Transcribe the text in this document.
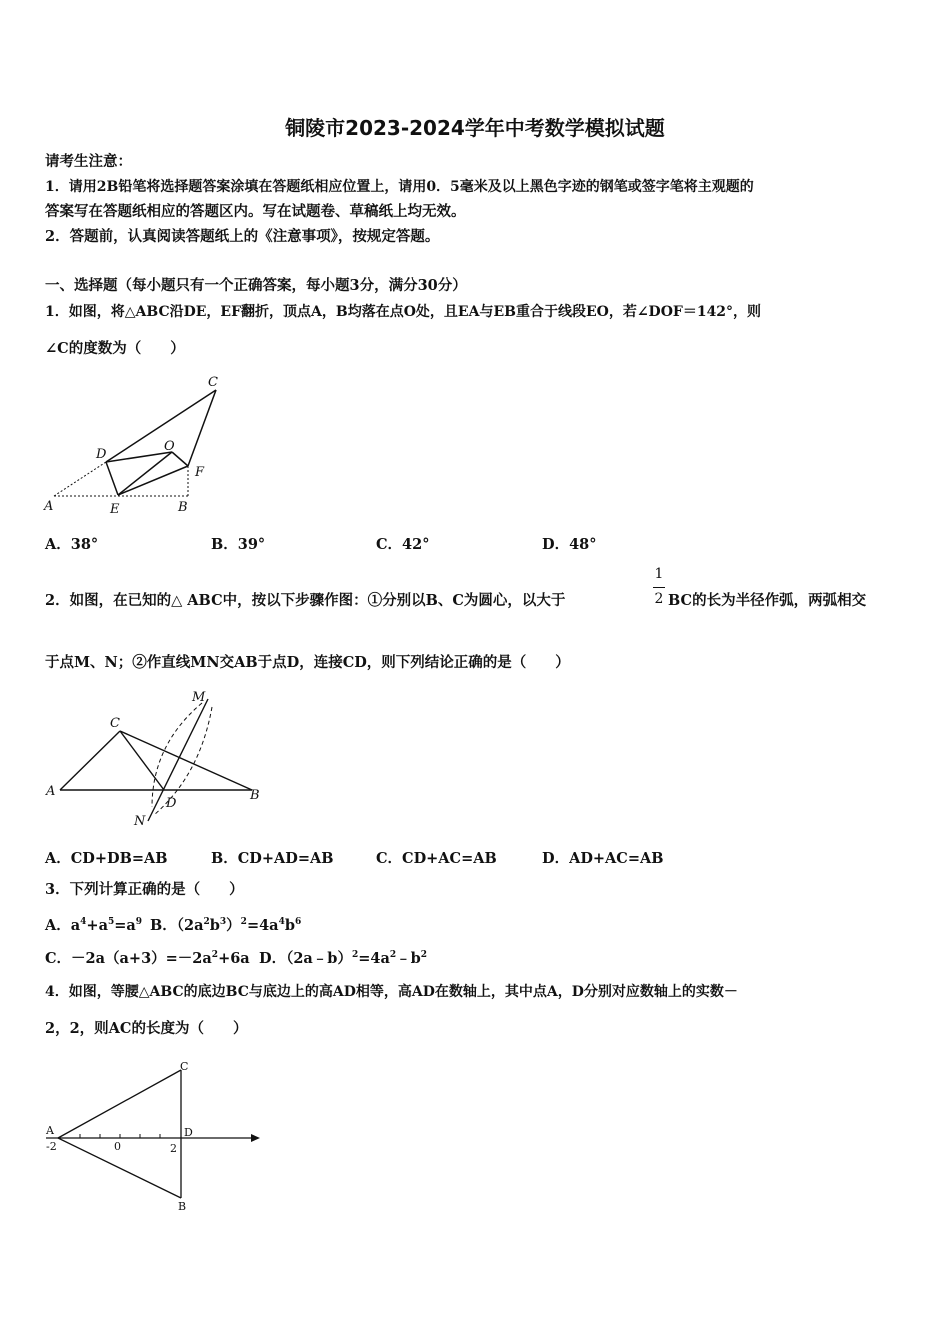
铜陵市2023-2024学年中考数学模拟试题
请考生注意：
1．请用2B铅笔将选择题答案涂填在答题纸相应位置上，请用0．5毫米及以上黑色字迹的钢笔或签字笔将主观题的
答案写在答题纸相应的答题区内。写在试题卷、草稿纸上均无效。
2．答题前，认真阅读答题纸上的《注意事项》，按规定答题。
一、选择题（每小题只有一个正确答案，每小题3分，满分30分）
1．如图，将△ABC沿DE，EF翻折，顶点A，B均落在点O处，且EA与EB重合于线段EO，若∠DOF＝142°，则
∠C的度数为（　　）
C
D
O
F
A	E	B
A．38°	B．39°	C．42°	D．48°
2．如图，在已知的△ ABC中，按以下步骤作图：①分别以B、C为圆心，以大于
1
2 BC的长为半径作弧，两弧相交
于点M、N；②作直线MN交AB于点D，连接CD，则下列结论正确的是（　　）
M
C
A	B
D
N
A．CD+DB=AB	B．CD+AD=AB	C．CD+AC=AB	D．AD+AC=AB
3．下列计算正确的是（　　）
A．$a^4+a^5=a^9$ B．$(2a^2b^3)^2=4a^4b^6$
C．$-2a(a+3)=-2a^2+6a$ D．$(2a﹣b)^2=4a^2﹣b^2$
4．如图，等腰△ABC的底边BC与底边上的高AD相等，高AD在数轴上，其中点A，D分别对应数轴上的实数－
2，2，则AC的长度为（　　）
C
A	D
B
-2	0	2
